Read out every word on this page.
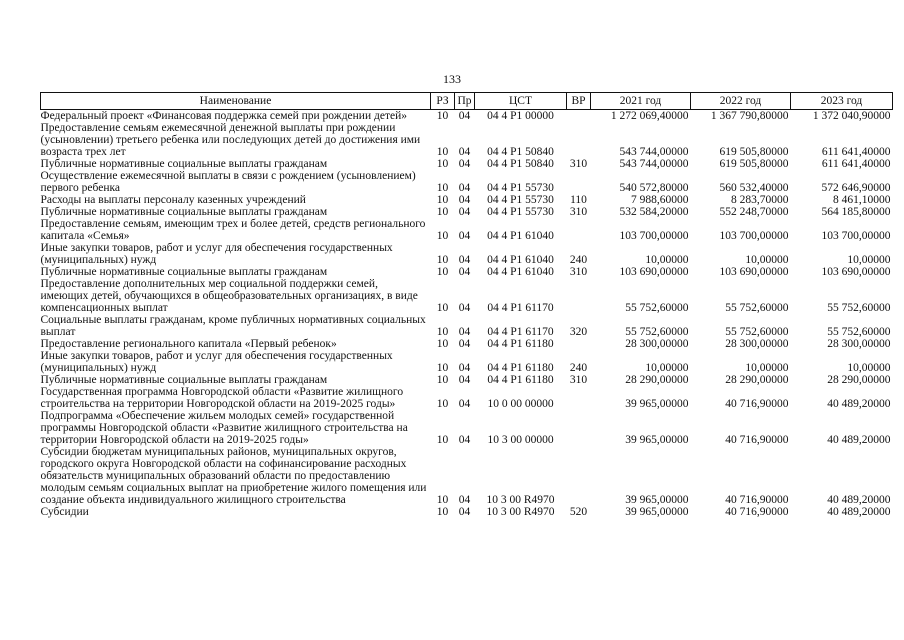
133
Наименование	РЗ	Пр	ЦСТ	ВР	2021 год	2022 год	2023 год
Федеральный проект «Финансовая поддержка семей при рождении детей»	10	04	04 4 P1 00000		1 272 069,40000	1 367 790,80000	1 372 040,90000
Предоставление семьям ежемесячной денежной выплаты при рождении (усыновлении) третьего ребенка или последующих детей до достижения ими возраста трех лет	10	04	04 4 P1 50840		543 744,00000	619 505,80000	611 641,40000
Публичные нормативные социальные выплаты гражданам	10	04	04 4 P1 50840	310	543 744,00000	619 505,80000	611 641,40000
Осуществление ежемесячной выплаты в связи с рождением (усыновлением) первого ребенка	10	04	04 4 P1 55730		540 572,80000	560 532,40000	572 646,90000
Расходы на выплаты персоналу казенных учреждений	10	04	04 4 P1 55730	110	7 988,60000	8 283,70000	8 461,10000
Публичные нормативные социальные выплаты гражданам	10	04	04 4 P1 55730	310	532 584,20000	552 248,70000	564 185,80000
Предоставление семьям, имеющим трех и более детей, средств регионального капитала «Семья»	10	04	04 4 P1 61040		103 700,00000	103 700,00000	103 700,00000
Иные закупки товаров, работ и услуг для обеспечения государственных (муниципальных) нужд	10	04	04 4 P1 61040	240	10,00000	10,00000	10,00000
Публичные нормативные социальные выплаты гражданам	10	04	04 4 P1 61040	310	103 690,00000	103 690,00000	103 690,00000
Предоставление дополнительных мер социальной поддержки семей, имеющих детей, обучающихся в общеобразовательных организациях, в виде компенсационных выплат	10	04	04 4 P1 61170		55 752,60000	55 752,60000	55 752,60000
Социальные выплаты гражданам, кроме публичных нормативных социальных выплат	10	04	04 4 P1 61170	320	55 752,60000	55 752,60000	55 752,60000
Предоставление регионального капитала «Первый ребенок»	10	04	04 4 P1 61180		28 300,00000	28 300,00000	28 300,00000
Иные закупки товаров, работ и услуг для обеспечения государственных (муниципальных) нужд	10	04	04 4 P1 61180	240	10,00000	10,00000	10,00000
Публичные нормативные социальные выплаты гражданам	10	04	04 4 P1 61180	310	28 290,00000	28 290,00000	28 290,00000
Государственная программа Новгородской области «Развитие жилищного строительства на территории Новгородской области на 2019-2025 годы»	10	04	10 0 00 00000		39 965,00000	40 716,90000	40 489,20000
Подпрограмма «Обеспечение жильем молодых семей» государственной программы Новгородской области «Развитие жилищного строительства на территории Новгородской области на 2019-2025 годы»	10	04	10 3 00 00000		39 965,00000	40 716,90000	40 489,20000
Субсидии бюджетам муниципальных районов, муниципальных округов, городского округа Новгородской области на софинансирование расходных обязательств муниципальных образований области по предоставлению молодым семьям социальных выплат на приобретение жилого помещения или создание объекта индивидуального жилищного строительства	10	04	10 3 00 R4970		39 965,00000	40 716,90000	40 489,20000
Субсидии	10	04	10 3 00 R4970	520	39 965,00000	40 716,90000	40 489,20000
